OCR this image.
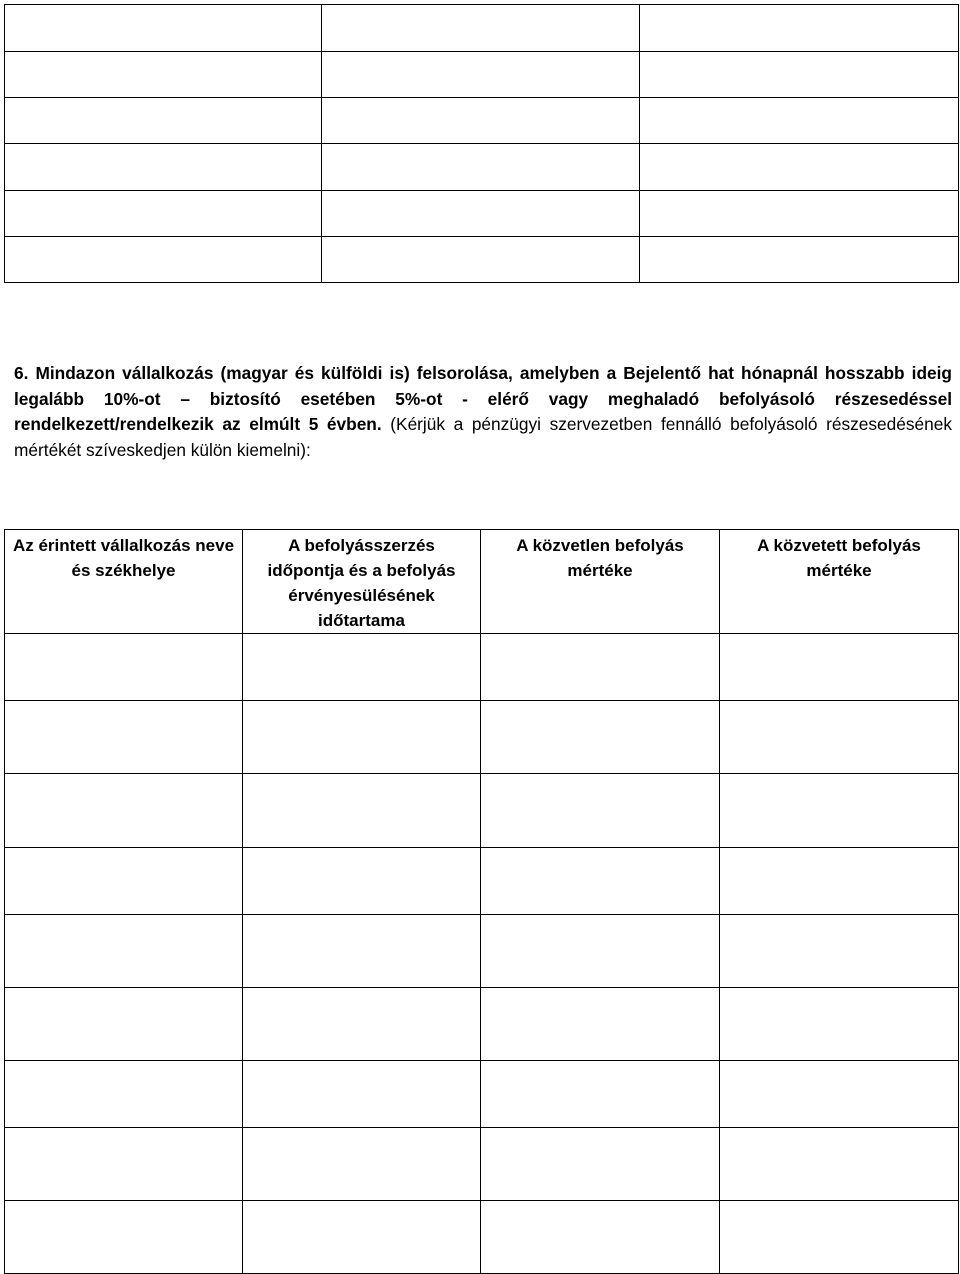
6. Mindazon vállalkozás (magyar és külföldi is) felsorolása, amelyben a Bejelentő hat hónapnál hosszabb ideig legalább 10%-ot – biztosító esetében 5%-ot - elérő vagy meghaladó befolyásoló részesedéssel rendelkezett/rendelkezik az elmúlt 5 évben. (Kérjük a pénzügyi szervezetben fennálló befolyásoló részesedésének mértékét szíveskedjen külön kiemelni):
Az érintett vállalkozás neve és székhelye	A befolyásszerzés időpontja és a befolyás érvényesülésének időtartama	A közvetlen befolyás mértéke	A közvetett befolyás mértéke
